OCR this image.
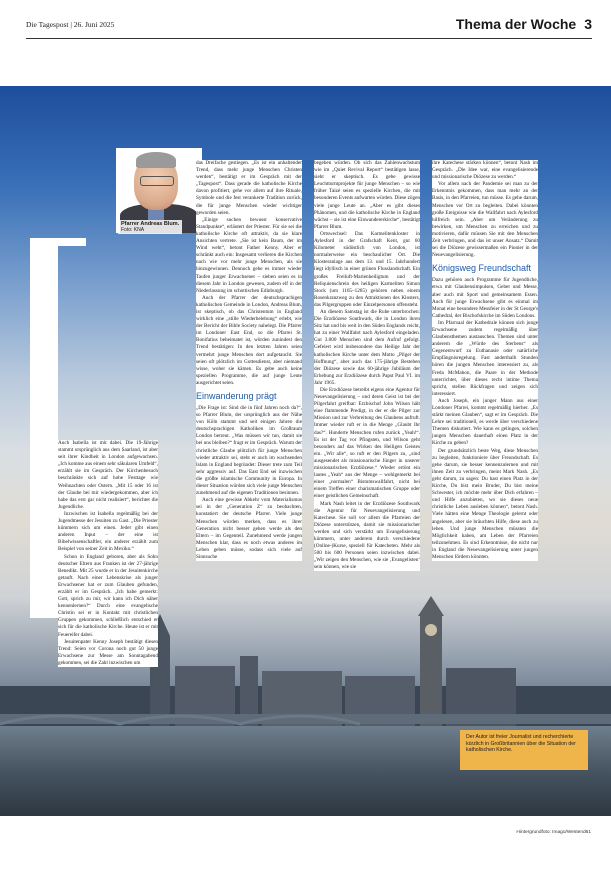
Die Tagespost | 26. Juni 2025	Thema der Woche 3
Pfarrer Andreas Blum.
Foto: KNA

Auch Isabella ist mit dabei. Die 19-Jährige stammt ursprünglich aus dem Saarland, ist aber seit ihrer Kindheit in London aufgewachsen. „Ich komme aus einem sehr säkularen Umfeld“, erzählt sie im Gespräch. Der Kirchenbesuch beschränkte sich auf hohe Festtage wie Weihnachten oder Ostern. „Mit 15 oder 16 ist der Glaube bei mir wiedergekommen, aber ich habe das erst gar nicht realisiert“, berichtet die Jugendliche.

Inzwischen ist Isabella regelmäßig bei der Jugendmesse der Jesuiten zu Gast. „Die Priester kümmern sich um einen. Jeder gibt einen anderen Input – der eine ist Bibelwissenschaftler, ein anderer erzählt zum Beispiel von seiner Zeit in Mexiko.“

Schon in England geboren, aber als Sohn deutscher Eltern aus Franken ist der 27-jährige Benedikt. Mit 25 wurde er in der Jesuitenkirche getauft. Nach einer Lebenskrise als junger Erwachsener hat er zum Glauben gefunden, erzählt er im Gespräch. „Ich habe gemerkt: Gott, sprich zu mir, wir kann ich Dich näher kennenlernen?“ Durch eine evangelische Christin sei er in Kontakt mit christlichen Gruppen gekommen, schließlich entschied er sich für die katholische Kirche. Heute ist er mit Feuereifer dabei.

Jesuitenpater Kenny Joseph bestätigt diesen Trend: Seien vor Corona noch gut 50 junge Erwachsene zur Messe am Sonntagabend gekommen, sei die Zahl inzwischen um

das Dreifache gestiegen. „Es ist ein anhaltender Trend, dass mehr junge Menschen Christen werden“, bestätigt er im Gespräch mit der „Tagespost“. Dass gerade die katholische Kirche davon profitiert, gehe vor allem auf ihre Rituale, Symbole und die fest verankerte Tradition zurück, die für junge Menschen wieder wichtiger geworden seien.

„Einige suchen bewusst konservative Standpunkte“, erläutert der Priester. Für sie sei die katholische Kirche oft attraktiv, da sie klare Ansichten vertrete. „Sie ist kein Baum, der im Wind weht“, betont Father Kenny. Aber er schränkt auch ein: Insgesamt verlieren die Kirchen nach wie vor mehr junge Menschen, als sie hinzugewinnen. Dennoch gehe es immer wieder Taufen junger Erwachsener – sieben seien es in diesem Jahr in London gewesen, zudem elf in der Niederlassung im schottischen Edinburgh.

Auch der Pfarrer der deutschsprachigen katholischen Gemeinde in London, Andreas Blum, ist skeptisch, ob das Christentum in England wirklich eine „stille Wiederbelebung“ erlebt, wie der Bericht der Bible Society nahelegt. Die Pfarrer im Londoner East End, so die Pfarrei St. Bonifatius beheimatet ist, würden zunindest den Trend bestätigen: In den letzten Jahren seien vermehrt junge Menschen dort aufgetaucht. Sie seien oft plötzlich im Gottesdienst, aber niemand wisse, woher sie kämen. Es gebe auch keine speziellen Programme, die auf junge Leute ausgerichtet seien.

Einwanderung prägt

„Die Frage ist: Sind die in fünf Jahren noch da?“, so Pfarrer Blum, der ursprünglich aus der Nähe von Köln stammt und seit einigen Jahren die deutschsprachigen Katholiken im Großraum London betreut. „Was müssen wir tun, damit sie bei uns bleiben?“ fragt er im Gespräch. Warum der christliche Glaube plötzlich für junge Menschen wieder attraktiv sei, steht er auch im wachsenden Islam in England begründet: Dieser trete zum Teil sehr aggressiv auf. Das East End sei inzwischen die größte islamische Community in Europa. In dieser Situation würden sich viele junge Menschen zunehmend auf die eigenen Traditionen besinnen.

Auch eine gewisse Abkehr vom Materialismus sei in der „Generation Z“ zu beobachten, konstatiert der deutsche Pfarrer. Viele junge Menschen würden merken, dass es ihrer Generation nicht besser gehen werde als den Eltern – im Gegenteil. Zunehmend werde jungen Menschen klar, dass es noch etwas anderes im Leben geben müsse, sodass sich viele auf Sinnsuche

begeben würden. Ob sich das Zahlenwachstum wie im „Quiet Revival Report“ bestätigen lasse, sieht er skeptisch. Es gebe gewisse Leuchtturmprojekte für junge Menschen – so wie früher Taizé seien es spezielle Kirchen, die mit besonderen Events aufwarten würden. Diese zögen viele junge Leute an. „Aber es gibt dieses Phänomen, und die katholische Kirche in England wächst – sie ist eine Einwandererkirche“, bestätigt Pfarrer Blum.

Ortswechsel: Das Karmelitenkloster in Aylesford in der Grafschaft Kent, gut 60 Kilometer südöstlich von London, ist normalerweise ein beschaulicher Ort. Die Klosteranlage aus dem 13. und 15. Jahrhundert liegt idyllisch in einer grünen Flusslandschaft. Ein großes Freiluft-Marienheiligtum und der Reliquienschrein des heiligen Karmeliten Simon Stock (um 1165–1265) gehören neben einem Rosenkranzweg zu den Attraktionen des Klosters, das Pilgergruppen oder Einzelpersonen offensteht.

An diesem Samstag ist die Ruhe unterbrochen: Die Erzdiözese Southwark, die in London ihren Sitz hat und bis weit in den Süden Englands reicht, hat zu einer Wallfahrt nach Aylesford eingeladen. Gut 3.000 Menschen sind dem Aufruf gefolgt. Gefeiert wird insbesondere das Heilige Jahr der katholischen Kirche unter dem Motto „Pilger der Hoffnung“, aber auch das 175-jährige Bestehen der Diözese sowie das 60-jährige Jubiläum der Erhebung zur Erzdiözese durch Papst Paul VI. im Jahr 1965.

Die Erzdiözese betreibt eigens eine Agentur für Neuevangelisierung – und deren Geist ist bei der Pilgerfahrt greifbar: Erzbischof John Wilson hält eine flammende Predigt, in der er die Pilger zur Mission und zur Verbreitung des Glaubens aufruft. Immer wieder ruft er in die Menge „Glaubt Ihr das?“. Hunderte Menschen rufen zurück „Yeah!“. Es ist der Tag vor Pfingsten, und Wilson geht besonders auf das Wirken des Heiligen Geistes ein. „Wir alle“, so ruft er den Pilgern zu, „sind ausgesendet als missionarische Jünger in unserer missionarischen Erzdiözese.“ Wieder ertönt ein lautes „Yeah“ aus der Menge – wohlgemerkt bei einer „normalen“ Bistumswallfahrt, nicht bei einem Treffen einer charismatischen Gruppe oder einer geistlichen Gemeinschaft.

Mark Nash leitet in der Erzdiözese Southwark die Agentur für Neuevangelisierung und Katechese. Sie soll vor allem die Pfarreien der Diözese unterstützen, damit sie missionarischer werden und sich verstärkt um Evangelisierung kümmern, unter anderem durch verschiedene (Online-)Kurse, speziell für Katecheten. Mehr als 500 bis 600 Personen seien inzwischen dabei. „Wir zeigen den Menschen, wie sie ‚Evangelisten‘ sein können, wie sie

ihre Katechese stärken können“, betont Nash im Gespräch. „Die Idee war, eine evangelisierende und missionarische Diözese zu werden.“

Vor allem nach der Pandemie sei man zu der Erkenntnis gekommen, dass man mehr an der Basis, in den Pfarreien, tun müsse. Es gehe darum, Menschen vor Ort zu begleiten. Dabei könnten große Ereignisse wie die Wallfahrt nach Aylesford hilfreich sein. „Aber um Veränderung zu bewirken, um Menschen zu erreichen und zu motivieren, dafür müssen Sie mit den Menschen Zeit verbringen, und das ist unser Ansatz.“ Damit sei die Diözese gewissermaßen ein Pionier in der Neuevangelisierung.

Königsweg Freundschaft

Dazu gehören auch Programme für Jugendliche, etwa mit Glaubensimpulsen, Gebet und Messe, aber auch mit Sport und gemeinsamem Essen. Auch für junge Erwachsene gibt es einmal im Monat eine besondere Messfeier in der St George's Cathedral, der Bischofskirche im Süden Londons.

Im Pfarrsaal der Kathedrale können sich junge Erwachsene zudem regelmäßig über Glaubensthemen austauschen. Themen sind unter anderem die „Würde des Sterbens“ als Gegenentwurf zu Euthanasie oder natürliche Empfängnisregelung. Fast anderthalb Stunden hören die jungen Menschen interessiert zu, als Freda McMahon, die Paare in der Methode unterrichtet, über dieses recht intime Thema spricht, stellen Rückfragen und zeigen sich interessiert.

Auch Joseph, ein junger Mann aus einer Londoner Pfarrei, kommt regelmäßig hierher. „Es stärkt meinen Glauben“, sagt er im Gespräch. Die Lehre sei traditionell, es werde über verschiedene Themen diskutiert. Wie kann es gelingen, solchen jungen Menschen dauerhaft einen Platz in der Kirche zu geben?

Der grundsätzlich beste Weg, diese Menschen zu begleiten, funktioniere über Freundschaft. Es gehe darum, sie besser kennenzulernen und mit ihnen Zeit zu verbringen, meint Mark Nash. „Es geht darum, zu sagen: Du hast einen Platz in der Kirche, Du bist mein Bruder, Du bist meine Schwester, ich möchte mehr über Dich erfahren – und Hilfe anzubieten, wo sie dieses neue christliche Leben ausleben können“, betont Nash. Viele hätten eine Menge Theologie gelernt oder angelesen, aber sie bräuchten Hilfe, diese auch zu leben. Und junge Menschen müssten die Möglichkeit haben, am Leben der Pfarreien teilzunehmen. Es sind Erkenntnisse, die nicht nur in England die Neuevangelisierung unter jungen Menschen fördern könnten.

Der Autor ist freier Journalist und recherchierte kürzlich in Großbritannien über die Situation der katholischen Kirche.
Hintergrundfoto: Imago/Westend61
